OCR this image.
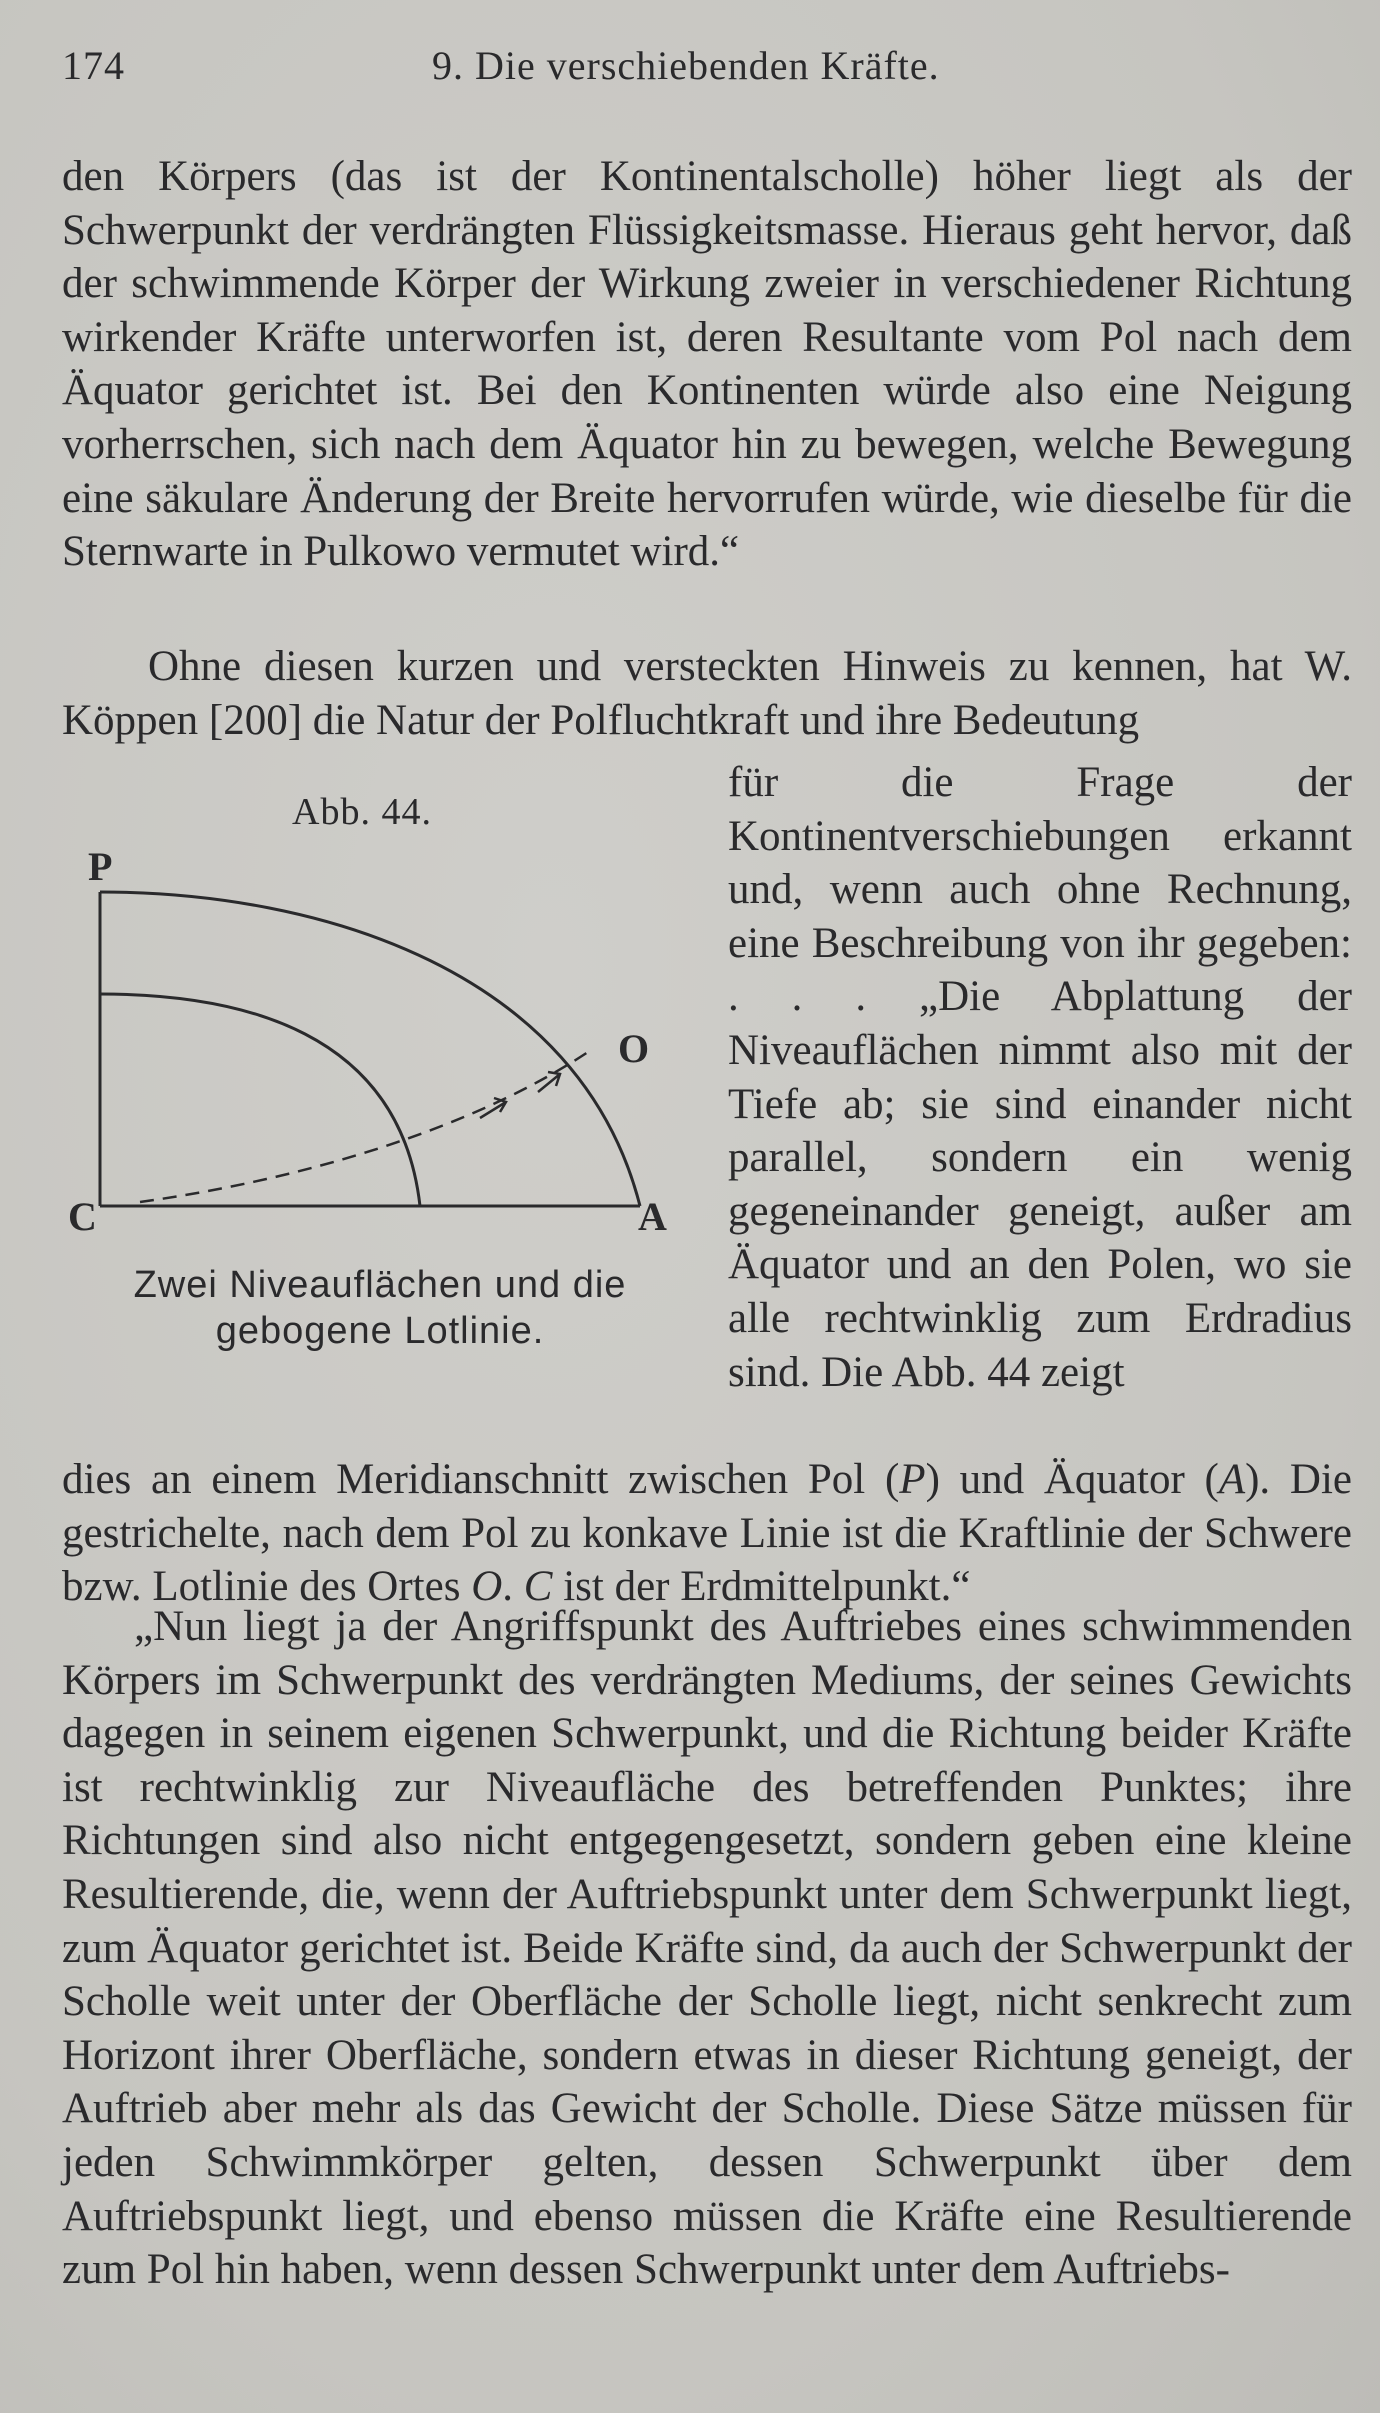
174	9. Die verschiebenden Kräfte.

den Körpers (das ist der Kontinentalscholle) höher liegt als der Schwerpunkt der verdrängten Flüssigkeitsmasse. Hieraus geht hervor, daß der schwimmende Körper der Wirkung zweier in verschiedener Richtung wirkender Kräfte unterworfen ist, deren Resultante vom Pol nach dem Äquator gerichtet ist. Bei den Kontinenten würde also eine Neigung vorherrschen, sich nach dem Äquator hin zu bewegen, welche Bewegung eine säkulare Änderung der Breite hervorrufen würde, wie dieselbe für die Sternwarte in Pulkowo vermutet wird.“

Ohne diesen kurzen und versteckten Hinweis zu kennen, hat W. Köppen [200] die Natur der Polfluchtkraft und ihre Bedeutung

für die Frage der Kontinentverschiebungen erkannt und, wenn auch ohne Rechnung, eine Beschreibung von ihr gegeben: . . . „Die Abplattung der Niveauflächen nimmt also mit der Tiefe ab; sie sind einander nicht parallel, sondern ein wenig gegeneinander geneigt, außer am Äquator und an den Polen, wo sie alle rechtwinklig zum Erdradius sind. Die Abb. 44 zeigt

Abb. 44.
P
O
C	A
Zwei Niveauflächen und die
gebogene Lotlinie.

dies an einem Meridianschnitt zwischen Pol (P) und Äquator (A). Die gestrichelte, nach dem Pol zu konkave Linie ist die Kraftlinie der Schwere bzw. Lotlinie des Ortes O. C ist der Erdmittelpunkt.“

„Nun liegt ja der Angriffspunkt des Auftriebes eines schwimmenden Körpers im Schwerpunkt des verdrängten Mediums, der seines Gewichts dagegen in seinem eigenen Schwerpunkt, und die Richtung beider Kräfte ist rechtwinklig zur Niveaufläche des betreffenden Punktes; ihre Richtungen sind also nicht entgegengesetzt, sondern geben eine kleine Resultierende, die, wenn der Auftriebspunkt unter dem Schwerpunkt liegt, zum Äquator gerichtet ist. Beide Kräfte sind, da auch der Schwerpunkt der Scholle weit unter der Oberfläche der Scholle liegt, nicht senkrecht zum Horizont ihrer Oberfläche, sondern etwas in dieser Richtung geneigt, der Auftrieb aber mehr als das Gewicht der Scholle. Diese Sätze müssen für jeden Schwimmkörper gelten, dessen Schwerpunkt über dem Auftriebspunkt liegt, und ebenso müssen die Kräfte eine Resultierende zum Pol hin haben, wenn dessen Schwerpunkt unter dem Auftriebs-
